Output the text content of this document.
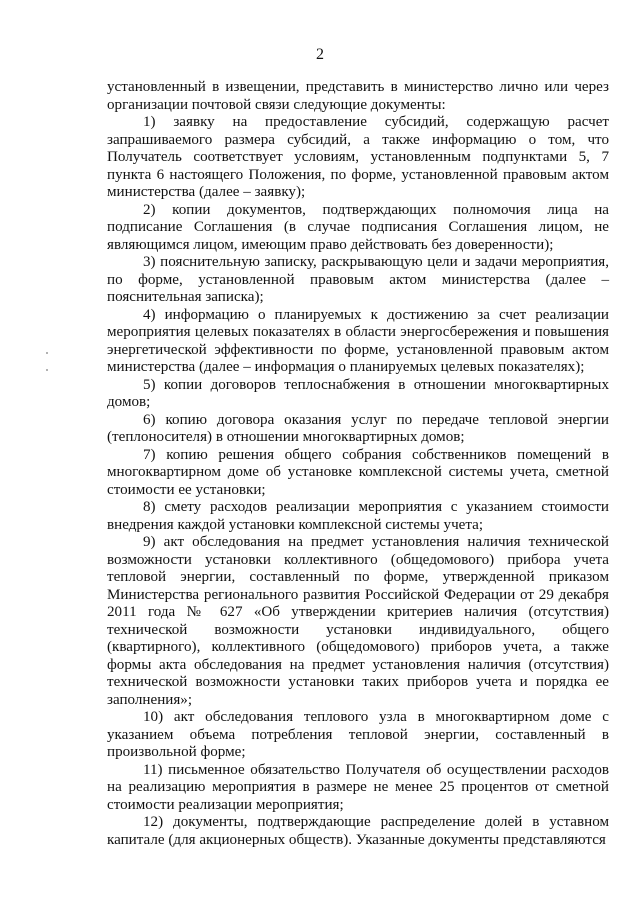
2

установленный в извещении, представить в министерство лично или через организации почтовой связи следующие документы:

1) заявку на предоставление субсидий, содержащую расчет запрашиваемого размера субсидий, а также информацию о том, что Получатель соответствует условиям, установленным подпунктами 5, 7 пункта 6 настоящего Положения, по форме, установленной правовым актом министерства (далее – заявку);

2) копии документов, подтверждающих полномочия лица на подписание Соглашения (в случае подписания Соглашения лицом, не являющимся лицом, имеющим право действовать без доверенности);

3) пояснительную записку, раскрывающую цели и задачи мероприятия, по форме, установленной правовым актом министерства (далее – пояснительная записка);

4) информацию о планируемых к достижению за счет реализации мероприятия целевых показателях в области энергосбережения и повышения энергетической эффективности по форме, установленной правовым актом министерства (далее – информация о планируемых целевых показателях);

5) копии договоров теплоснабжения в отношении многоквартирных домов;

6) копию договора оказания услуг по передаче тепловой энергии (теплоносителя) в отношении многоквартирных домов;

7) копию решения общего собрания собственников помещений в многоквартирном доме об установке комплексной системы учета, сметной стоимости ее установки;

8) смету расходов реализации мероприятия с указанием стоимости внедрения каждой установки комплексной системы учета;

9) акт обследования на предмет установления наличия технической возможности установки коллективного (общедомового) прибора учета тепловой энергии, составленный по форме, утвержденной приказом Министерства регионального развития Российской Федерации от 29 декабря 2011 года № 627 «Об утверждении критериев наличия (отсутствия) технической возможности установки индивидуального, общего (квартирного), коллективного (общедомового) приборов учета, а также формы акта обследования на предмет установления наличия (отсутствия) технической возможности установки таких приборов учета и порядка ее заполнения»;

10) акт обследования теплового узла в многоквартирном доме с указанием объема потребления тепловой энергии, составленный в произвольной форме;

11) письменное обязательство Получателя об осуществлении расходов на реализацию мероприятия в размере не менее 25 процентов от сметной стоимости реализации мероприятия;

12) документы, подтверждающие распределение долей в уставном капитале (для акционерных обществ). Указанные документы представляются
